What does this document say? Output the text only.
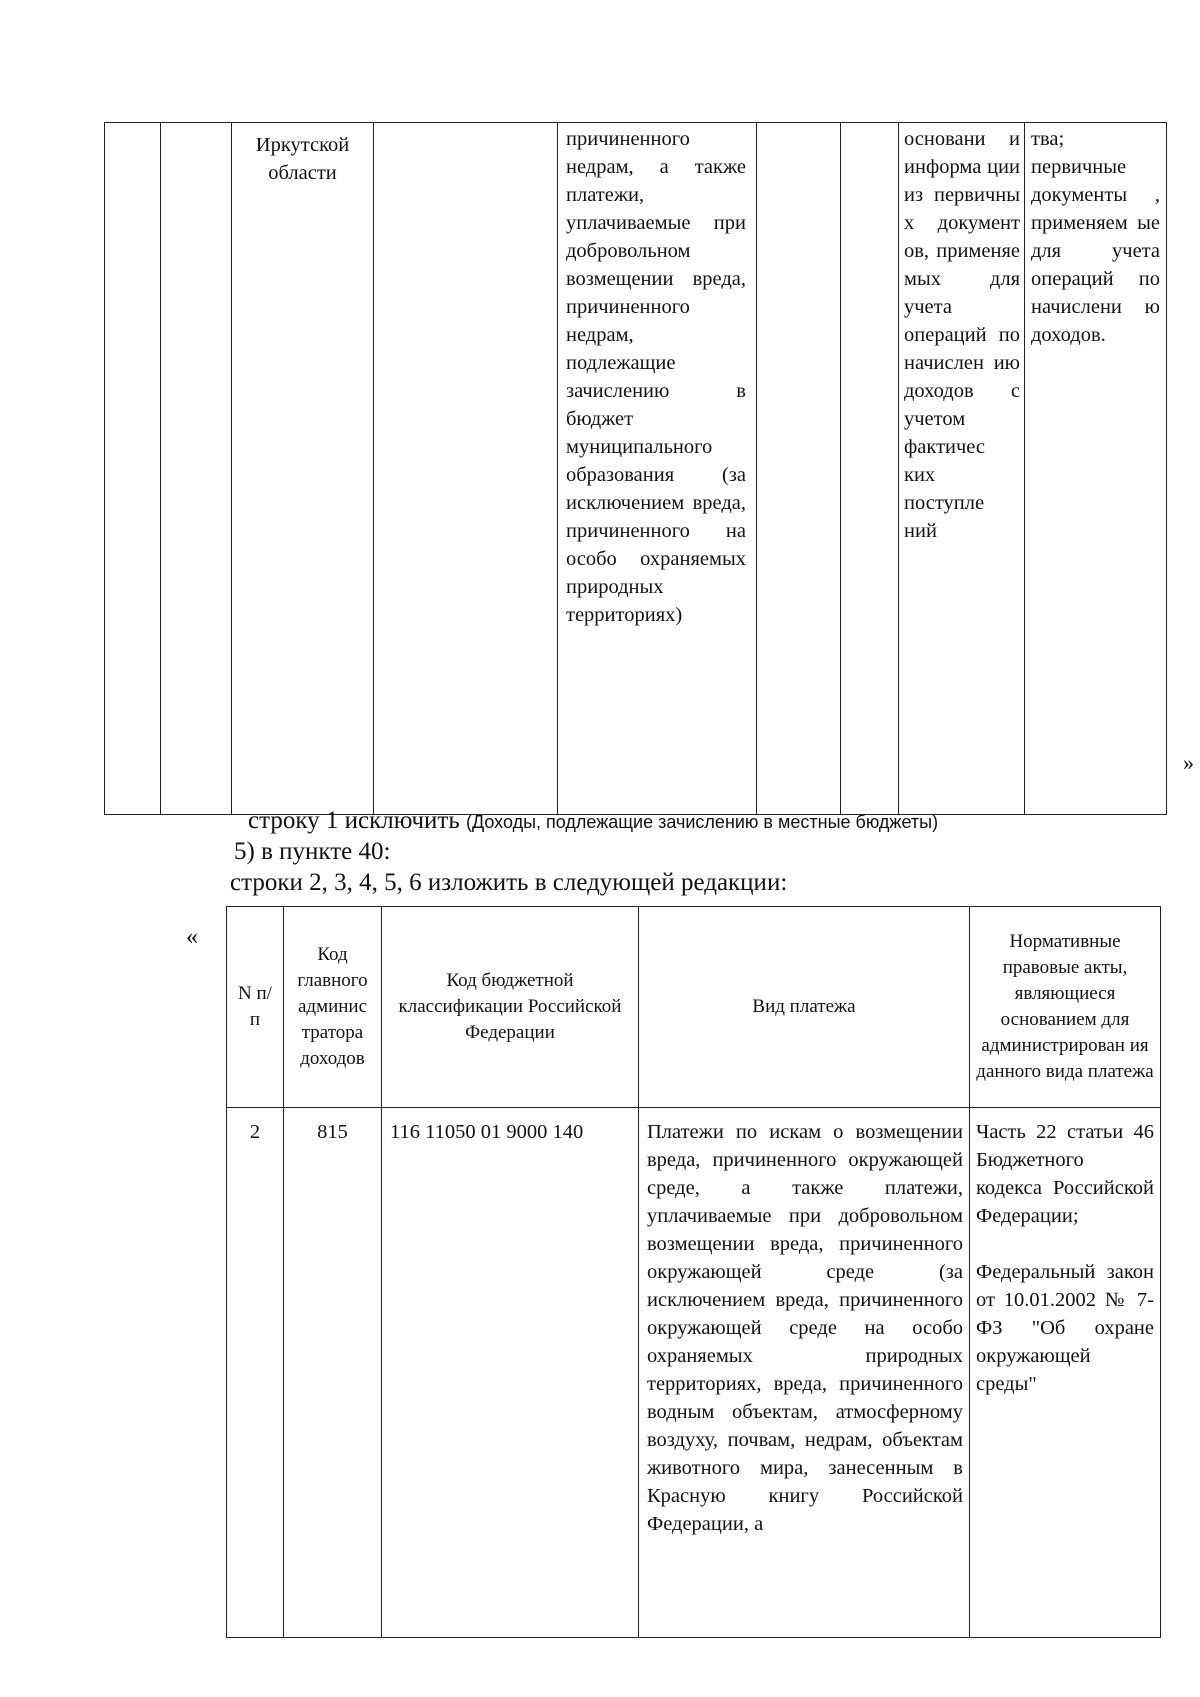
		Иркутской области		причиненного недрам, а также платежи, уплачиваемые при добровольном возмещении вреда, причиненного недрам, подлежащие зачислению в бюджет муниципального образования (за исключением вреда, причиненного на особо охраняемых природных территориях)			основани и информа ции из первичны х документ ов, применяе мых для учета операций по начислен ию доходов с учетом фактичес ких поступле ний	тва; первичные документы , применяем ые для учета операций по начислени ю доходов.
»
строку 1 исключить (Доходы, подлежащие зачислению в местные бюджеты)
5) в пункте 40:
строки 2, 3, 4, 5, 6 изложить в следующей редакции:
«
N п/п	Код главного админис тратора доходов	Код бюджетной классификации Российской Федерации	Вид платежа	Нормативные правовые акты, являющиеся основанием для администрирован ия данного вида платежа
2	815	116 11050 01 9000 140	Платежи по искам о возмещении вреда, причиненного окружающей среде, а также платежи, уплачиваемые при добровольном возмещении вреда, причиненного окружающей среде (за исключением вреда, причиненного окружающей среде на особо охраняемых природных территориях, вреда, причиненного водным объектам, атмосферному воздуху, почвам, недрам, объектам животного мира, занесенным в Красную книгу Российской Федерации, а	Часть 22 статьи 46 Бюджетного кодекса Российской Федерации;
Федеральный закон от 10.01.2002 № 7-ФЗ "Об охране окружающей среды"
